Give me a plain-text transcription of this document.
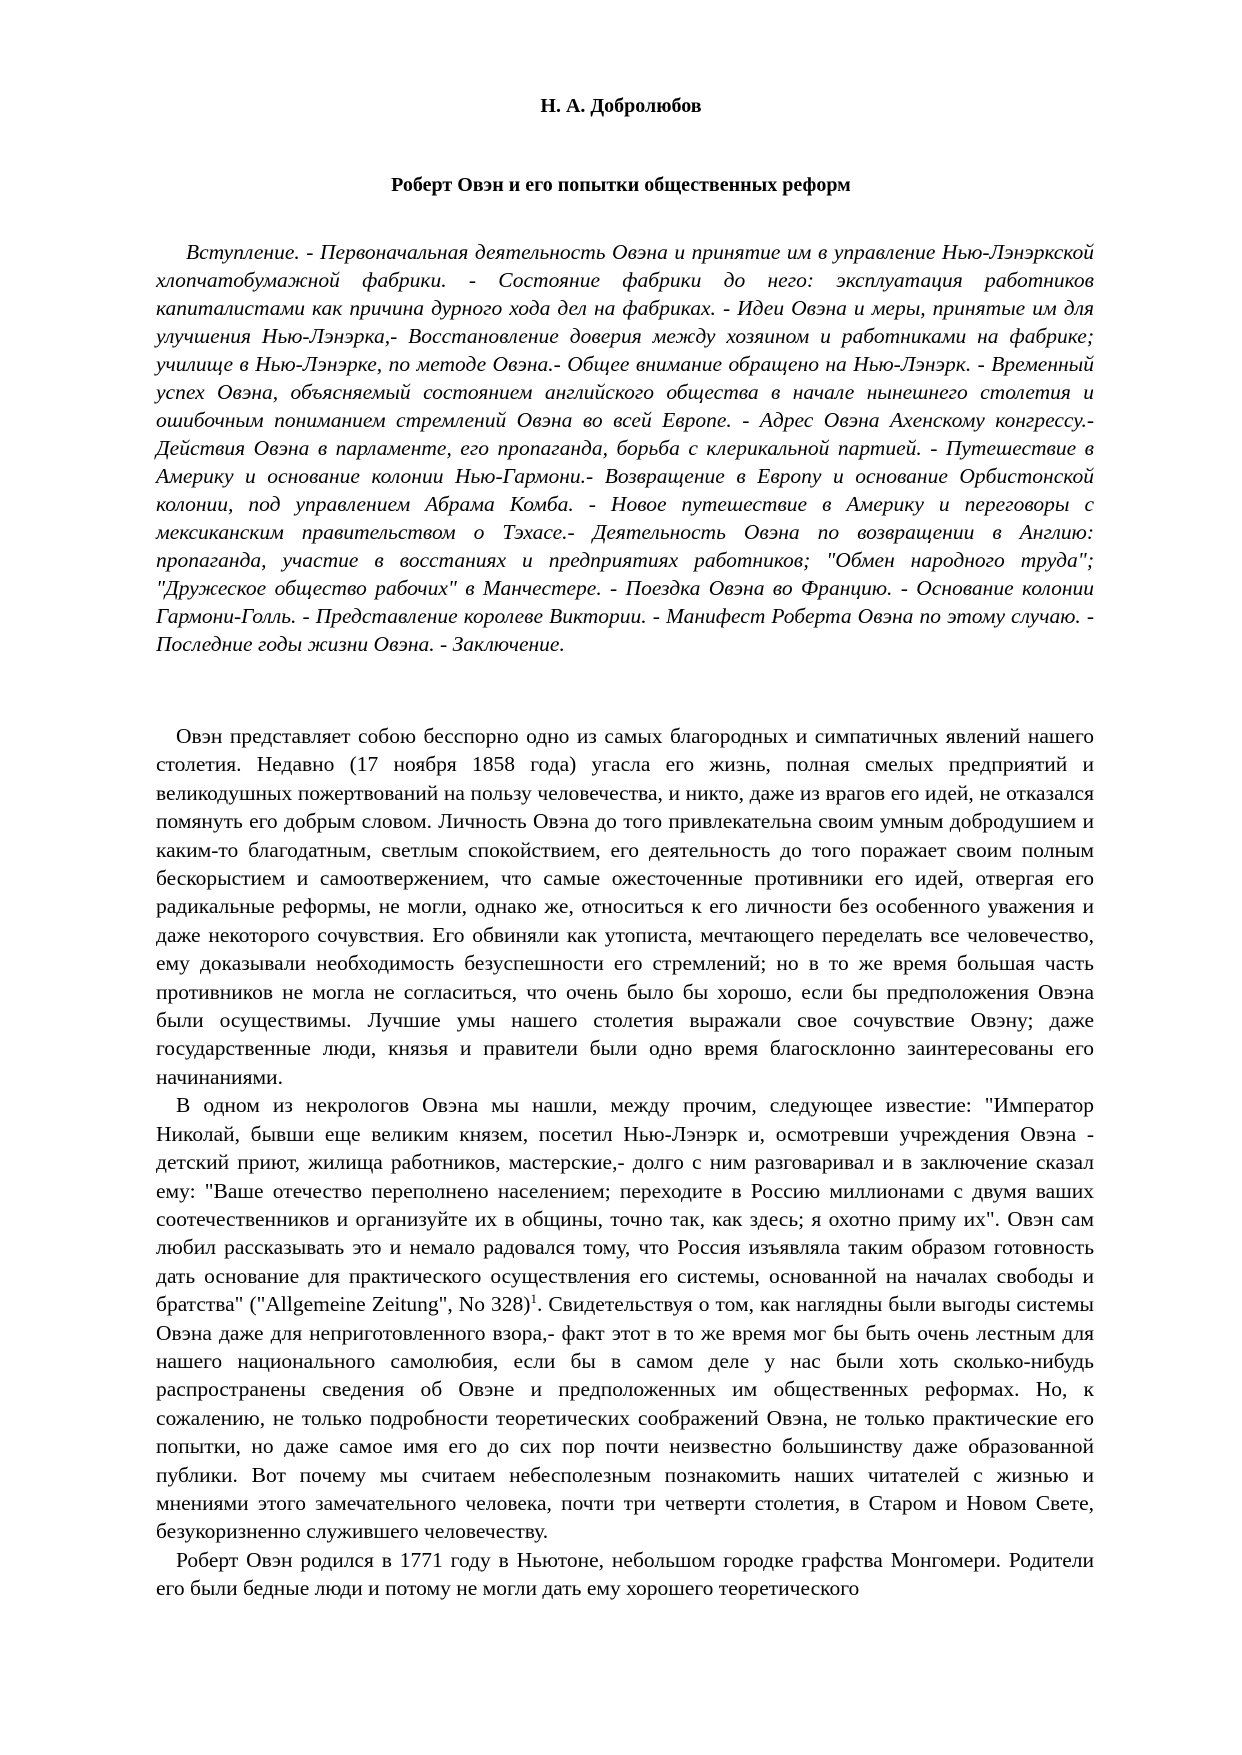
Н. А. Добролюбов
Роберт Овэн и его попытки общественных реформ

Вступление. - Первоначальная деятельность Овэна и принятие им в управление Нью-Лэнэркской хлопчатобумажной фабрики. - Состояние фабрики до него: эксплуатация работников капиталистами как причина дурного хода дел на фабриках. - Идеи Овэна и меры, принятые им для улучшения Нью-Лэнэрка,- Восстановление доверия между хозяином и работниками на фабрике; училище в Нью-Лэнэрке, по методе Овэна.- Общее внимание обращено на Нью-Лэнэрк. - Временный успех Овэна, объясняемый состоянием английского общества в начале нынешнего столетия и ошибочным пониманием стремлений Овэна во всей Европе. - Адрес Овэна Ахенскому конгрессу.- Действия Овэна в парламенте, его пропаганда, борьба с клерикальной партией. - Путешествие в Америку и основание колонии Нью-Гармони.- Возвращение в Европу и основание Орбистонской колонии, под управлением Абрама Комба. - Новое путешествие в Америку и переговоры с мексиканским правительством о Тэхасе.- Деятельность Овэна по возвращении в Англию: пропаганда, участие в восстаниях и предприятиях работников; "Обмен народного труда"; "Дружеское общество рабочих" в Манчестере. - Поездка Овэна во Францию. - Основание колонии Гармони-Голль. - Представление королеве Виктории. - Манифест Роберта Овэна по этому случаю. - Последние годы жизни Овэна. - Заключение.

Овэн представляет собою бесспорно одно из самых благородных и симпатичных явлений нашего столетия. Недавно (17 ноября 1858 года) угасла его жизнь, полная смелых предприятий и великодушных пожертвований на пользу человечества, и никто, даже из врагов его идей, не отказался помянуть его добрым словом. Личность Овэна до того привлекательна своим умным добродушием и каким-то благодатным, светлым спокойствием, его деятельность до того поражает своим полным бескорыстием и самоотвержением, что самые ожесточенные противники его идей, отвергая его радикальные реформы, не могли, однако же, относиться к его личности без особенного уважения и даже некоторого сочувствия. Его обвиняли как утописта, мечтающего переделать все человечество, ему доказывали необходимость безуспешности его стремлений; но в то же время большая часть противников не могла не согласиться, что очень было бы хорошо, если бы предположения Овэна были осуществимы. Лучшие умы нашего столетия выражали свое сочувствие Овэну; даже государственные люди, князья и правители были одно время благосклонно заинтересованы его начинаниями.

В одном из некрологов Овэна мы нашли, между прочим, следующее известие: "Император Николай, бывши еще великим князем, посетил Нью-Лэнэрк и, осмотревши учреждения Овэна - детский приют, жилища работников, мастерские,- долго с ним разговаривал и в заключение сказал ему: "Ваше отечество переполнено населением; переходите в Россию миллионами с двумя ваших соотечественников и организуйте их в общины, точно так, как здесь; я охотно приму их". Овэн сам любил рассказывать это и немало радовался тому, что Россия изъявляла таким образом готовность дать основание для практического осуществления его системы, основанной на началах свободы и братства" ("Allgemeine Zeitung", No 328)$^1$. Свидетельствуя о том, как наглядны были выгоды системы Овэна даже для неприготовленного взора,- факт этот в то же время мог бы быть очень лестным для нашего национального самолюбия, если бы в самом деле у нас были хоть сколько-нибудь распространены сведения об Овэне и предположенных им общественных реформах. Но, к сожалению, не только подробности теоретических соображений Овэна, не только практические его попытки, но даже самое имя его до сих пор почти неизвестно большинству даже образованной публики. Вот почему мы считаем небесполезным познакомить наших читателей с жизнью и мнениями этого замечательного человека, почти три четверти столетия, в Старом и Новом Свете, безукоризненно служившего человечеству.

Роберт Овэн родился в 1771 году в Ньютоне, небольшом городке графства Монгомери. Родители его были бедные люди и потому не могли дать ему хорошего теоретического
